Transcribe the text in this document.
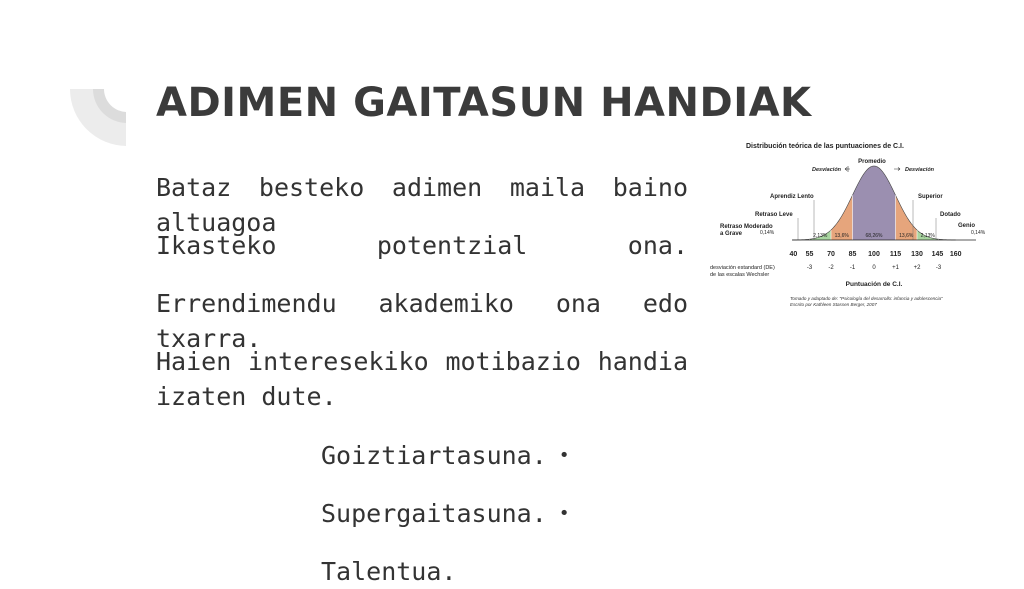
ADIMEN GAITASUN HANDIAK

Bataz besteko adimen maila baino altuagoa

Ikasteko potentzial ona.

Errendimendu akademiko ona edo txarra.

Haien interesekiko motibazio handia izaten dute.

Goiztiartasuna. •

Supergaitasuna. •

Talentua.

Distribución teórica de las puntuaciones de C.I.
Promedio
Desviación	Desviación
Aprendiz Lento	Superior
Retraso Leve	Dotado
Retraso Moderado
a Grave
Genio
0,14%	0,14%
2,13% 13,6%	68,26%	13,6% 2,13%
40 55 70 85 100 115 130 145 160
desviación estandard (DE)
de las escalas Wechsler
-3	-2	-1	0	+1 +2	-3
Puntuación de C.I.
Tomado y adaptado de: "Psicología del desarrollo: infancia y adolescencia"
Escrito por Kathleen Stassen Berger, 2007
